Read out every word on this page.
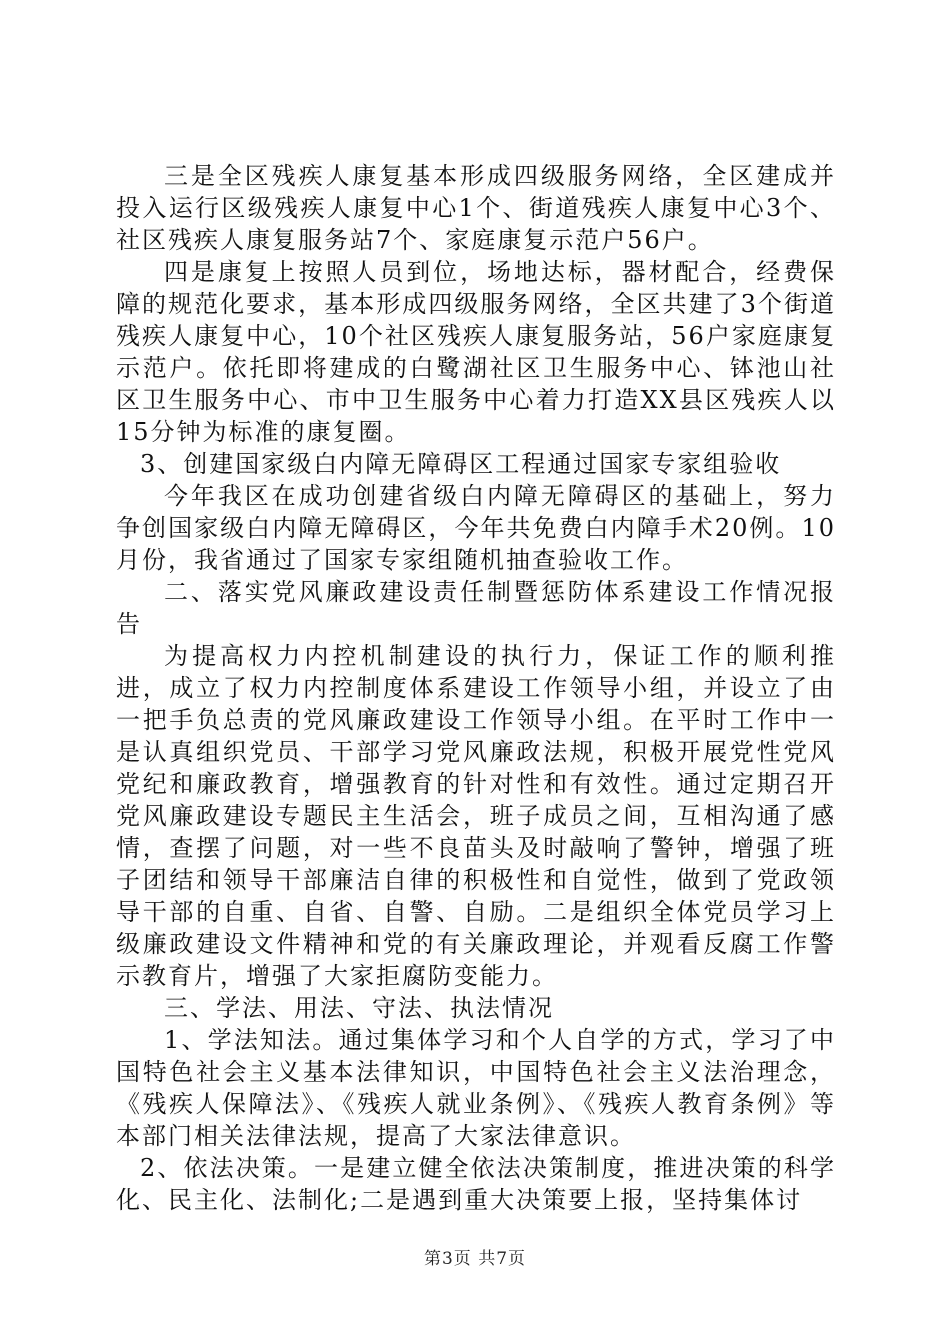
三是全区残疾人康复基本形成四级服务网络，全区建成并投入运行区级残疾人康复中心1个、街道残疾人康复中心3个、社区残疾人康复服务站7个、家庭康复示范户56户。

四是康复上按照人员到位，场地达标，器材配合，经费保障的规范化要求，基本形成四级服务网络，全区共建了3个街道残疾人康复中心，10个社区残疾人康复服务站，56户家庭康复示范户。依托即将建成的白鹭湖社区卫生服务中心、钵池山社区卫生服务中心、市中卫生服务中心着力打造XX县区残疾人以15分钟为标准的康复圈。

3、创建国家级白内障无障碍区工程通过国家专家组验收

今年我区在成功创建省级白内障无障碍区的基础上，努力争创国家级白内障无障碍区，今年共免费白内障手术20例。10月份，我省通过了国家专家组随机抽查验收工作。

二、落实党风廉政建设责任制暨惩防体系建设工作情况报告

为提高权力内控机制建设的执行力，保证工作的顺利推进，成立了权力内控制度体系建设工作领导小组，并设立了由一把手负总责的党风廉政建设工作领导小组。在平时工作中一是认真组织党员、干部学习党风廉政法规，积极开展党性党风党纪和廉政教育，增强教育的针对性和有效性。通过定期召开党风廉政建设专题民主生活会，班子成员之间，互相沟通了感情，查摆了问题，对一些不良苗头及时敲响了警钟，增强了班子团结和领导干部廉洁自律的积极性和自觉性，做到了党政领导干部的自重、自省、自警、自励。二是组织全体党员学习上级廉政建设文件精神和党的有关廉政理论，并观看反腐工作警示教育片，增强了大家拒腐防变能力。

三、学法、用法、守法、执法情况

1、学法知法。通过集体学习和个人自学的方式，学习了中国特色社会主义基本法律知识，中国特色社会主义法治理念，《残疾人保障法》、《残疾人就业条例》、《残疾人教育条例》等本部门相关法律法规，提高了大家法律意识。

2、依法决策。一是建立健全依法决策制度，推进决策的科学化、民主化、法制化;二是遇到重大决策要上报，坚持集体讨

第3页 共7页
